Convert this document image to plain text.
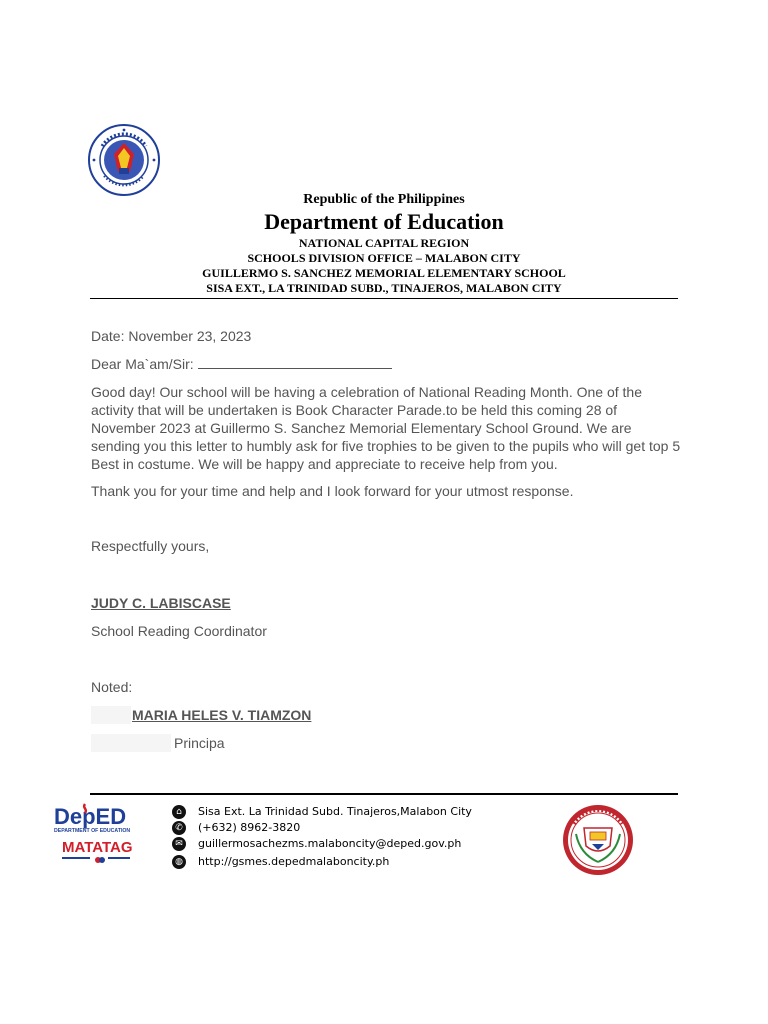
Republic of the Philippines
Department of Education
NATIONAL CAPITAL REGION
SCHOOLS DIVISION OFFICE – MALABON CITY
GUILLERMO S. SANCHEZ MEMORIAL ELEMENTARY SCHOOL
SISA EXT., LA TRINIDAD SUBD., TINAJEROS, MALABON CITY
Date: November 23, 2023
Dear Ma`am/Sir:
Good day! Our school will be having a celebration of National Reading Month. One of the activity that will be undertaken is Book Character Parade.to be held this coming 28 of November 2023 at Guillermo S. Sanchez Memorial Elementary School Ground. We are sending you this letter to humbly ask for five trophies to be given to the pupils who will get top 5 Best in costume. We will be happy and appreciate to receive help from you.
Thank you for your time and help and I look forward for your utmost response.
Respectfully yours,
JUDY C. LABISCASE
School Reading Coordinator
Noted:
MARIA HELES V. TIAMZON
Principa
DepED
DEPARTMENT OF EDUCATION
MATATAG
⌂ Sisa Ext. La Trinidad Subd. Tinajeros,Malabon City
✆ (+632) 8962-3820
✉ guillermosachezms.malaboncity@deped.gov.ph
◍ http://gsmes.depedmalaboncity.ph
